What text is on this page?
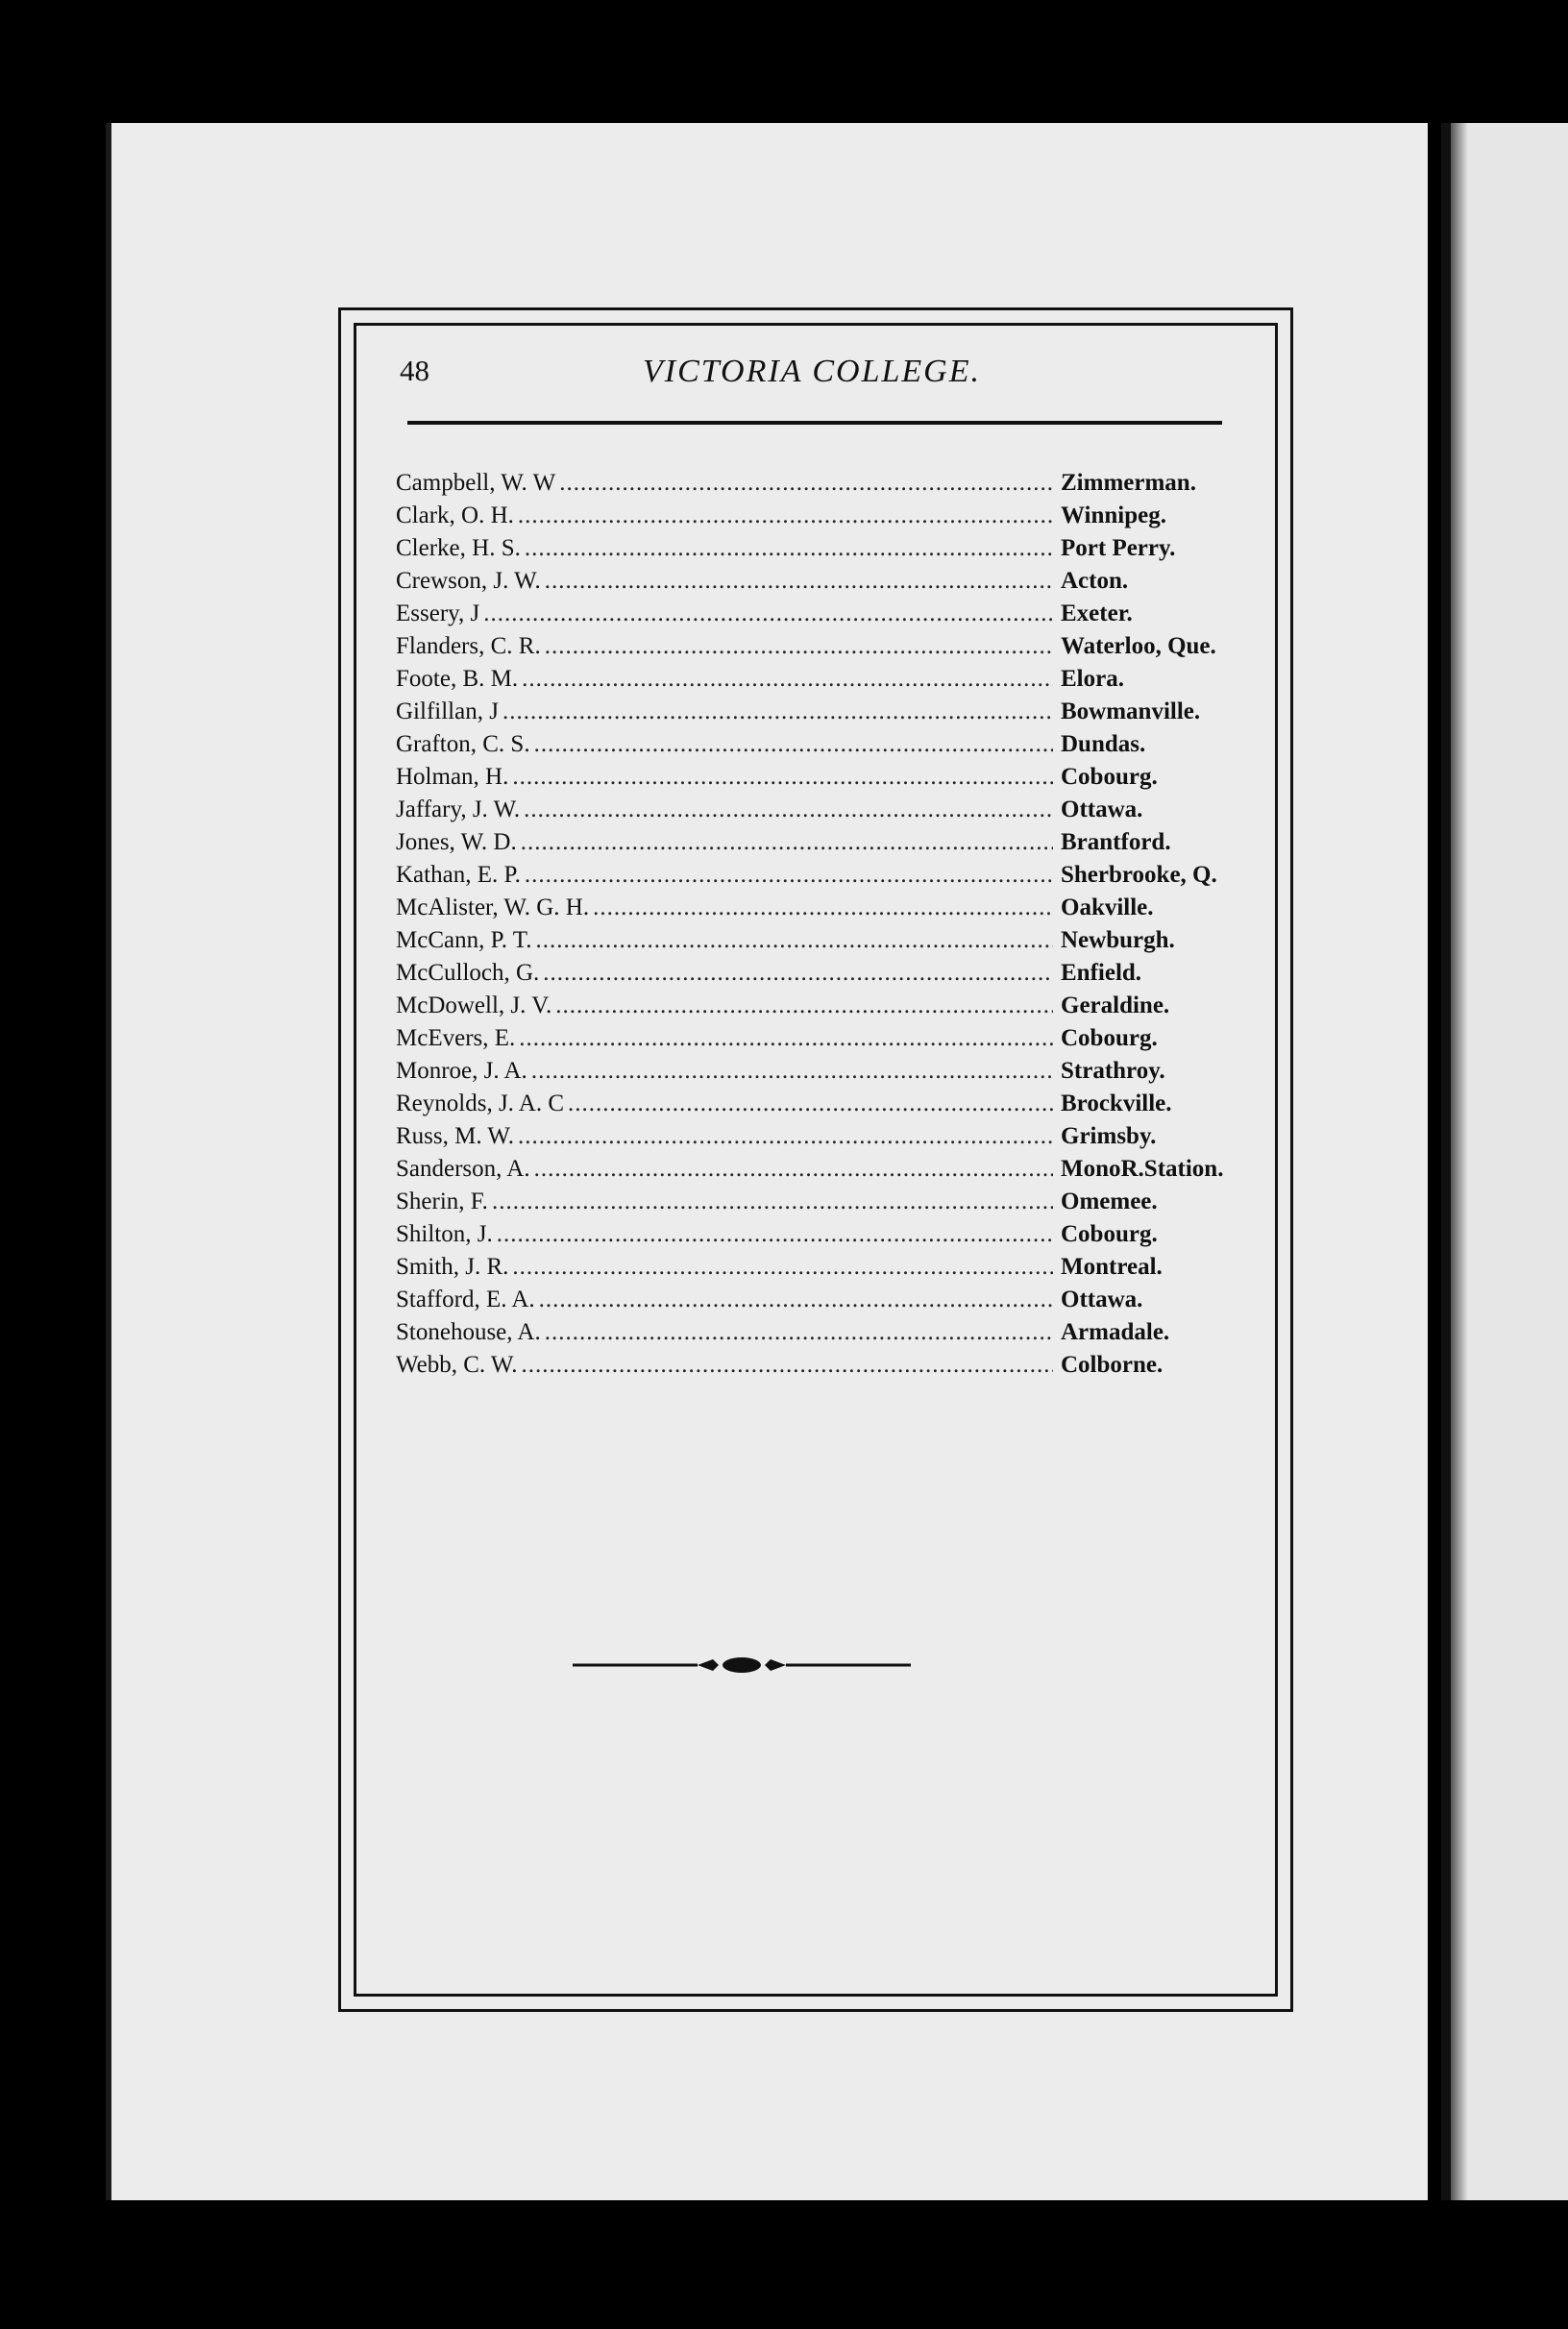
48	VICTORIA COLLEGE.
Campbell, W. W .....	Zimmerman.
Clark, O. H. .....	Winnipeg.
Clerke, H. S. .....	Port Perry.
Crewson, J. W. .....	Acton.
Essery, J .....	Exeter.
Flanders, C. R. .....	Waterloo, Que.
Foote, B. M. .....	Elora.
Gilfillan, J .....	Bowmanville.
Grafton, C. S. .....	Dundas.
Holman, H. .....	Cobourg.
Jaffary, J. W. .....	Ottawa.
Jones, W. D. .....	Brantford.
Kathan, E. P. .....	Sherbrooke, Q.
McAlister, W. G. H. .....	Oakville.
McCann, P. T. .....	Newburgh.
McCulloch, G. .....	Enfield.
McDowell, J. V. .....	Geraldine.
McEvers, E. .....	Cobourg.
Monroe, J. A. .....	Strathroy.
Reynolds, J. A. C .....	Brockville.
Russ, M. W. .....	Grimsby.
Sanderson, A. .....	MonoR.Station.
Sherin, F. .....	Omemee.
Shilton, J. .....	Cobourg.
Smith, J. R. .....	Montreal.
Stafford, E. A. .....	Ottawa.
Stonehouse, A. .....	Armadale.
Webb, C. W. .....	Colborne.
